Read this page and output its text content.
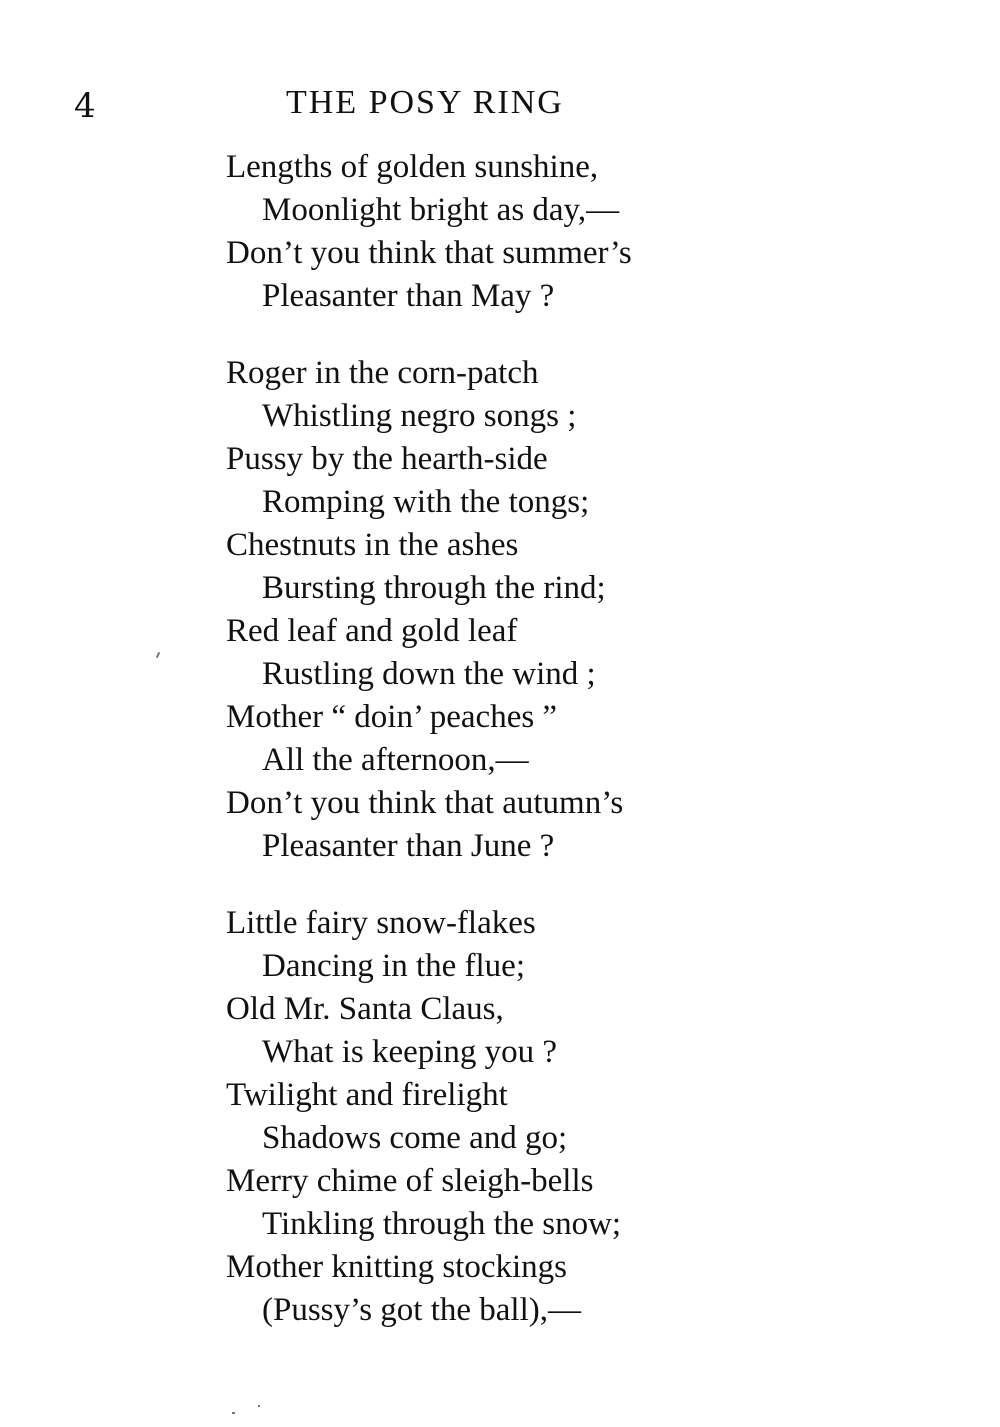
4	THE POSY RING
Lengths of golden sunshine,
Moonlight bright as day,—
Don’t you think that summer’s
Pleasanter than May ?
Roger in the corn-patch
Whistling negro songs ;
Pussy by the hearth-side
Romping with the tongs;
Chestnuts in the ashes
Bursting through the rind;
Red leaf and gold leaf
Rustling down the wind ;
Mother “ doin’ peaches ”
All the afternoon,—
Don’t you think that autumn’s
Pleasanter than June ?
Little fairy snow-flakes
Dancing in the flue;
Old Mr. Santa Claus,
What is keeping you ?
Twilight and firelight
Shadows come and go;
Merry chime of sleigh-bells
Tinkling through the snow;
Mother knitting stockings
(Pussy’s got the ball),—
